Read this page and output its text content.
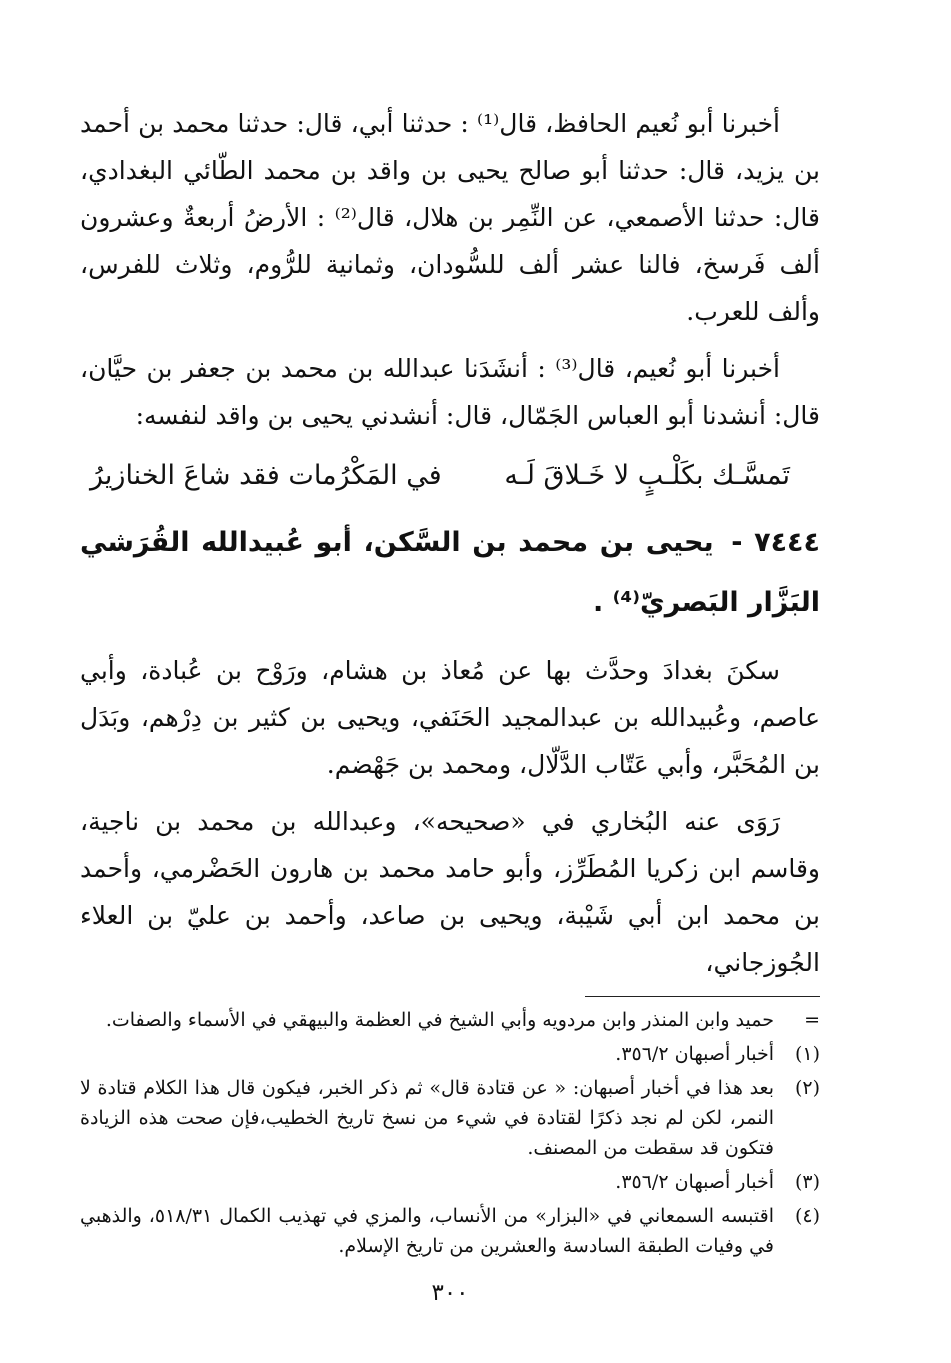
أخبرنا أبو نُعيم الحافظ، قال⁽¹⁾ : حدثنا أبي، قال: حدثنا محمد بن أحمد بن يزيد، قال: حدثنا أبو صالح يحيى بن واقد بن محمد الطّائي البغدادي، قال: حدثنا الأصمعي، عن النِّمِر بن هلال، قال⁽²⁾ : الأرضُ أربعةٌ وعشرون ألف فَرسخ، فالنا عشر ألف للسُّودان، وثمانية للرُّوم، وثلاث للفرس، وألف للعرب.

أخبرنا أبو نُعيم، قال⁽³⁾ : أنشَدَنا عبدالله بن محمد بن جعفر بن حيَّان، قال: أنشدنا أبو العباس الجَمّال، قال: أنشدني يحيى بن واقد لنفسه:

تَمسَّـك بكَلْـبٍ لا خَـلاقَ لَـه
في المَكْرُمات فقد شاعَ الخنازيرُ
٧٤٤٤ - يحيى بن محمد بن السَّكن، أبو عُبيدالله القُرَشي البَزَّار البَصريّ⁽⁴⁾ .

سكنَ بغدادَ وحدَّث بها عن مُعاذ بن هشام، ورَوْح بن عُبادة، وأبي عاصم، وعُبيدالله بن عبدالمجيد الحَنَفي، ويحيى بن كثير بن دِرْهم، وبَدَل بن المُحَبَّر، وأبي عَتّاب الدَّلّال، ومحمد بن جَهْضم.

رَوَى عنه البُخاري في «صحيحه»، وعبدالله بن محمد بن ناجية، وقاسم ابن زكريا المُطَرِّز، وأبو حامد محمد بن هارون الحَضْرمي، وأحمد بن محمد ابن أبي شَيْبة، ويحيى بن صاعد، وأحمد بن عليّ بن العلاء الجُوزجاني،

=
حميد وابن المنذر وابن مردويه وأبي الشيخ في العظمة والبيهقي في الأسماء والصفات.
(١)
أخبار أصبهان ٣٥٦/٢.
(٢)
بعد هذا في أخبار أصبهان: « عن قتادة قال» ثم ذكر الخبر، فيكون قال هذا الكلام قتادة لا النمر، لكن لم نجد ذكرًا لقتادة في شيء من نسخ تاريخ الخطيب،فإن صحت هذه الزيادة فتكون قد سقطت من المصنف.
(٣)
أخبار أصبهان ٣٥٦/٢.
(٤)
اقتبسه السمعاني في «البزار» من الأنساب، والمزي في تهذيب الكمال ٥١٨/٣١، والذهبي في وفيات الطبقة السادسة والعشرين من تاريخ الإسلام.
٣٠٠
